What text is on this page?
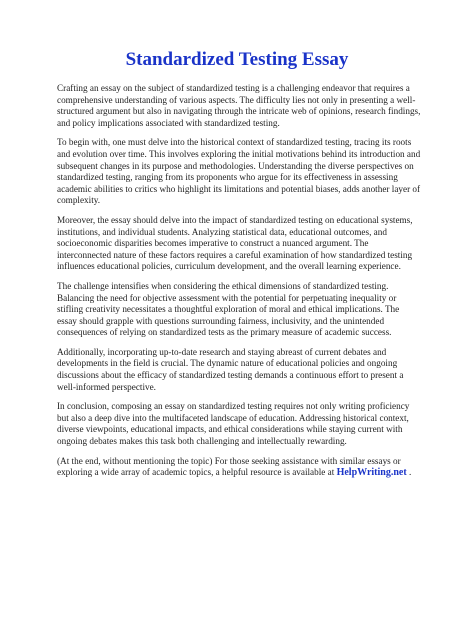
Standardized Testing Essay

Crafting an essay on the subject of standardized testing is a challenging endeavor that requires a comprehensive understanding of various aspects. The difficulty lies not only in presenting a well-structured argument but also in navigating through the intricate web of opinions, research findings, and policy implications associated with standardized testing.

To begin with, one must delve into the historical context of standardized testing, tracing its roots and evolution over time. This involves exploring the initial motivations behind its introduction and subsequent changes in its purpose and methodologies. Understanding the diverse perspectives on standardized testing, ranging from its proponents who argue for its effectiveness in assessing academic abilities to critics who highlight its limitations and potential biases, adds another layer of complexity.

Moreover, the essay should delve into the impact of standardized testing on educational systems, institutions, and individual students. Analyzing statistical data, educational outcomes, and socioeconomic disparities becomes imperative to construct a nuanced argument. The interconnected nature of these factors requires a careful examination of how standardized testing influences educational policies, curriculum development, and the overall learning experience.

The challenge intensifies when considering the ethical dimensions of standardized testing. Balancing the need for objective assessment with the potential for perpetuating inequality or stifling creativity necessitates a thoughtful exploration of moral and ethical implications. The essay should grapple with questions surrounding fairness, inclusivity, and the unintended consequences of relying on standardized tests as the primary measure of academic success.

Additionally, incorporating up-to-date research and staying abreast of current debates and developments in the field is crucial. The dynamic nature of educational policies and ongoing discussions about the efficacy of standardized testing demands a continuous effort to present a well-informed perspective.

In conclusion, composing an essay on standardized testing requires not only writing proficiency but also a deep dive into the multifaceted landscape of education. Addressing historical context, diverse viewpoints, educational impacts, and ethical considerations while staying current with ongoing debates makes this task both challenging and intellectually rewarding.

(At the end, without mentioning the topic) For those seeking assistance with similar essays or exploring a wide array of academic topics, a helpful resource is available at HelpWriting.net .
